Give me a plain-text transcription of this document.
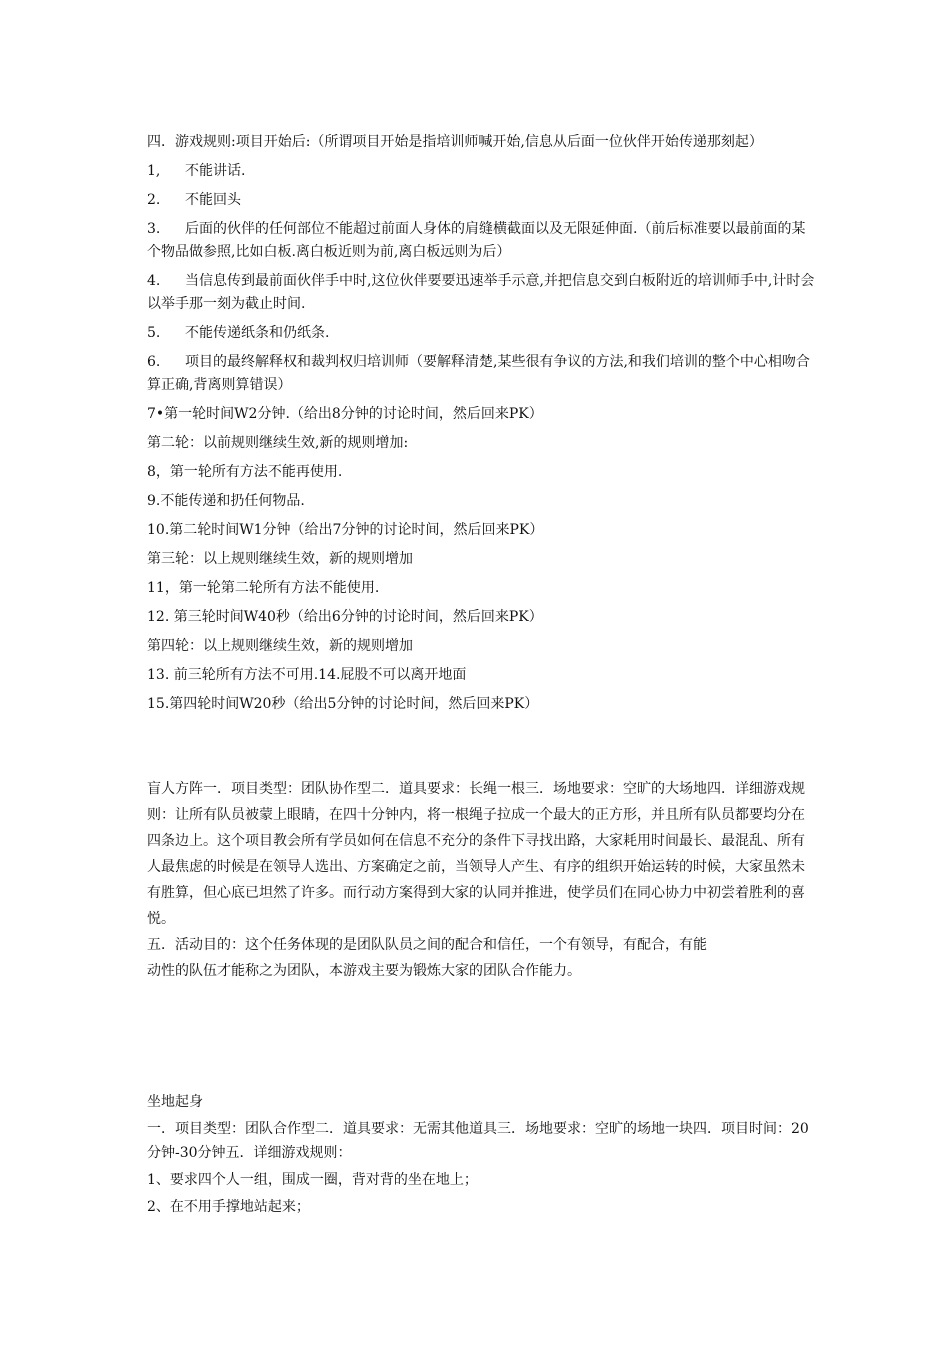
四．游戏规则:项目开始后:（所谓项目开始是指培训师喊开始,信息从后面一位伙伴开始传递那刻起）

1, 不能讲话.

2. 不能回头

3. 后面的伙伴的任何部位不能超过前面人身体的肩缝横截面以及无限延伸面.（前后标准要以最前面的某个物品做参照,比如白板.离白板近则为前,离白板远则为后）

4. 当信息传到最前面伙伴手中时,这位伙伴要要迅速举手示意,并把信息交到白板附近的培训师手中,计时会以举手那一刻为截止时间.

5. 不能传递纸条和仍纸条.

6. 项目的最终解释权和裁判权归培训师（要解释清楚,某些很有争议的方法,和我们培训的整个中心相吻合算正确,背离则算错误）

7•第一轮时间W2分钟.（给出8分钟的讨论时间，然后回来PK）

第二轮：以前规则继续生效,新的规则增加:

8，第一轮所有方法不能再使用.

9.不能传递和扔任何物品.

10.第二轮时间W1分钟（给出7分钟的讨论时间，然后回来PK）

第三轮：以上规则继续生效，新的规则增加

11，第一轮第二轮所有方法不能使用.

12. 第三轮时间W40秒（给出6分钟的讨论时间，然后回来PK）

第四轮：以上规则继续生效，新的规则增加

13. 前三轮所有方法不可用.14.屁股不可以离开地面

15.第四轮时间W20秒（给出5分钟的讨论时间，然后回来PK）

盲人方阵一．项目类型：团队协作型二．道具要求：长绳一根三．场地要求：空旷的大场地四．详细游戏规则：让所有队员被蒙上眼睛，在四十分钟内，将一根绳子拉成一个最大的正方形，并且所有队员都要均分在四条边上。这个项目教会所有学员如何在信息不充分的条件下寻找出路，大家耗用时间最长、最混乱、所有人最焦虑的时候是在领导人选出、方案确定之前，当领导人产生、有序的组织开始运转的时候，大家虽然未有胜算，但心底已坦然了许多。而行动方案得到大家的认同并推进，使学员们在同心协力中初尝着胜利的喜悦。

五．活动目的：这个任务体现的是团队队员之间的配合和信任，一个有领导，有配合，有能

动性的队伍才能称之为团队，本游戏主要为锻炼大家的团队合作能力。

坐地起身

一．项目类型：团队合作型二．道具要求：无需其他道具三．场地要求：空旷的场地一块四．项目时间：20分钟-30分钟五．详细游戏规则：

1、要求四个人一组，围成一圈，背对背的坐在地上；

2、在不用手撑地站起来；
